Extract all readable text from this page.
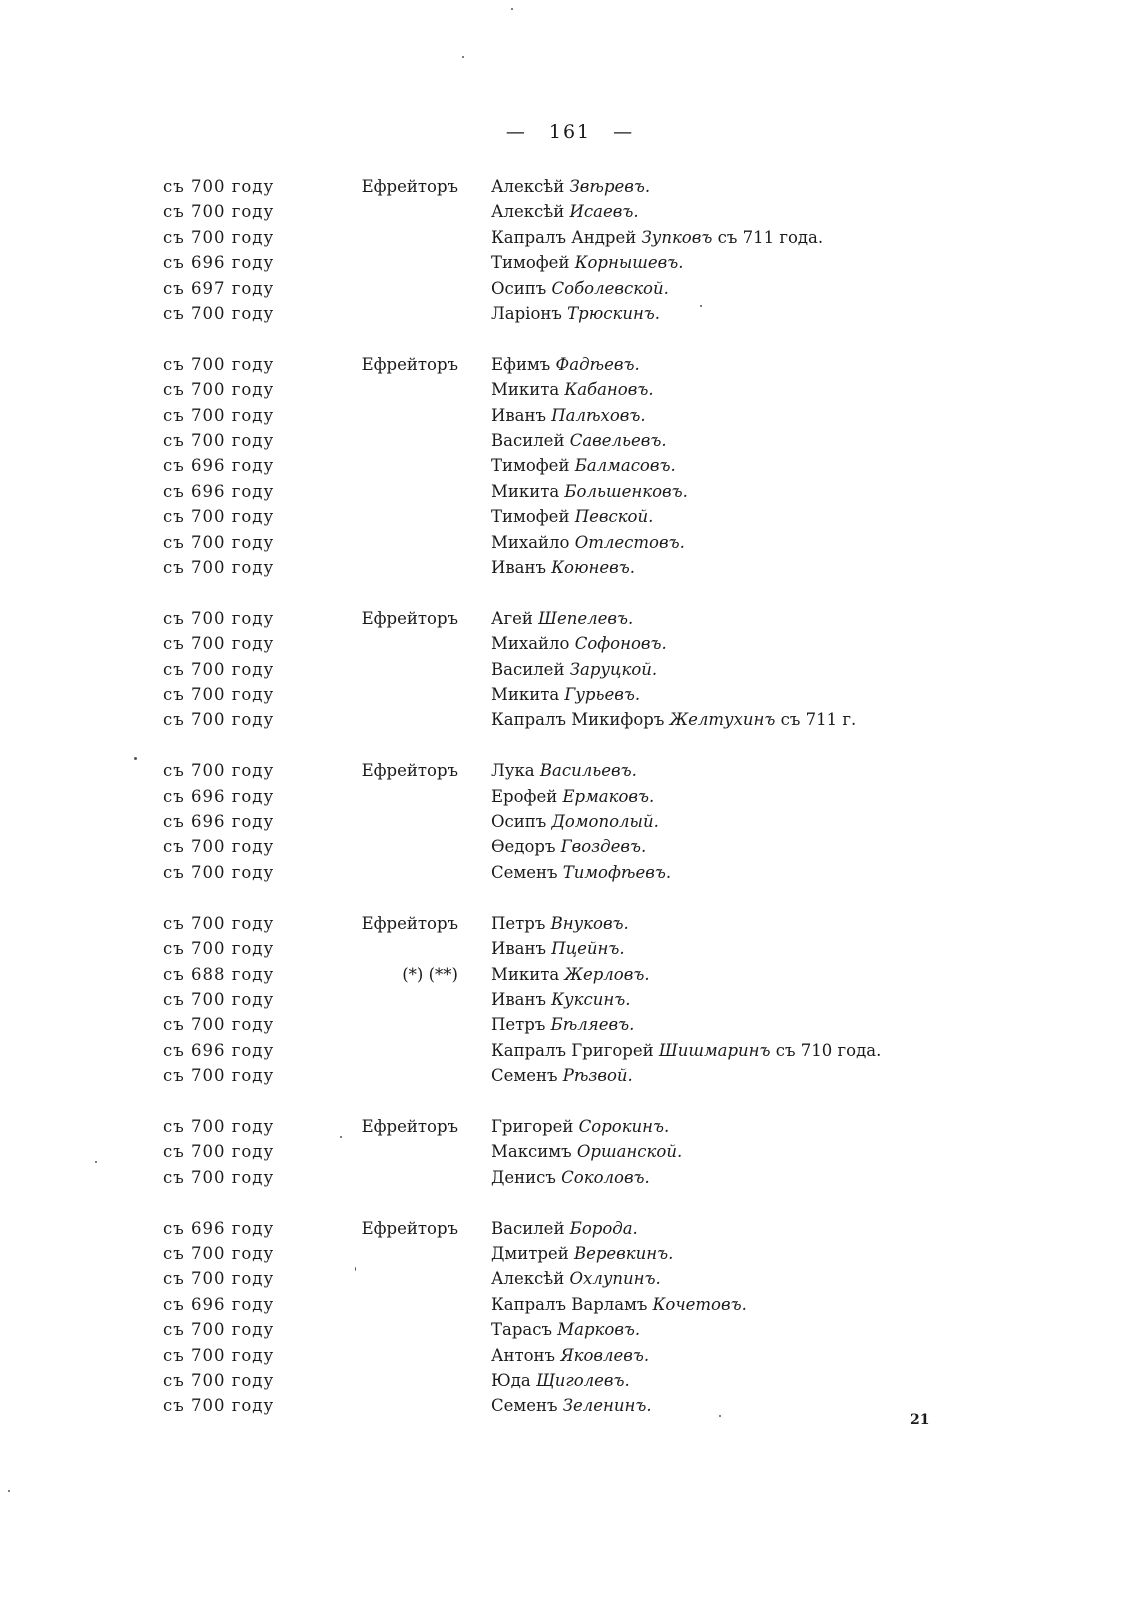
— 161 —
съ 700 году	Ефрейторъ Алексѣй Звѣревъ.
съ 700 году	Алексѣй Исаевъ.
съ 700 году	Капралъ Андрей Зупковъ съ 711 года.
съ 696 году	Тимофей Корнышевъ.
съ 697 году	Осипъ Соболевской.
съ 700 году	Ларіонъ Трюскинъ.
съ 700 году	Ефрейторъ Ефимъ Фадѣевъ.
съ 700 году	Микита Кабановъ.
съ 700 году	Иванъ Палѣховъ.
съ 700 году	Василей Савельевъ.
съ 696 году	Тимофей Балмасовъ.
съ 696 году	Микита Большенковъ.
съ 700 году	Тимофей Певской.
съ 700 году	Михайло Отлестовъ.
съ 700 году	Иванъ Коюневъ.
съ 700 году	Ефрейторъ Агей Шепелевъ.
съ 700 году	Михайло Софоновъ.
съ 700 году	Василей Заруцкой.
съ 700 году	Микита Гурьевъ.
съ 700 году	Капралъ Микифоръ Желтухинъ съ 711 г.
съ 700 году	Ефрейторъ Лука Васильевъ.
съ 696 году	Ерофей Ермаковъ.
съ 696 году	Осипъ Домополый.
съ 700 году	Өедоръ Гвоздевъ.
съ 700 году	Семенъ Тимофѣевъ.
съ 700 году	Ефрейторъ Петръ Внуковъ.
съ 700 году	Иванъ Пцейнъ.
съ 688 году	(*) (**) Микита Жерловъ.
съ 700 году	Иванъ Куксинъ.
съ 700 году	Петръ Бѣляевъ.
съ 696 году	Капралъ Григорей Шишмаринъ съ 710 года.
съ 700 году	Семенъ Рѣзвой.
съ 700 году	Ефрейторъ Григорей Сорокинъ.
съ 700 году	Максимъ Оршанской.
съ 700 году	Денисъ Соколовъ.
съ 696 году	Ефрейторъ Василей Борода.
съ 700 году	Дмитрей Веревкинъ.
съ 700 году	Алексѣй Охлупинъ.
съ 696 году	Капралъ Варламъ Кочетовъ.
съ 700 году	Тарасъ Марковъ.
съ 700 году	Антонъ Яковлевъ.
съ 700 году	Юда Щиголевъ.
съ 700 году	Семенъ Зеленинъ.
21
